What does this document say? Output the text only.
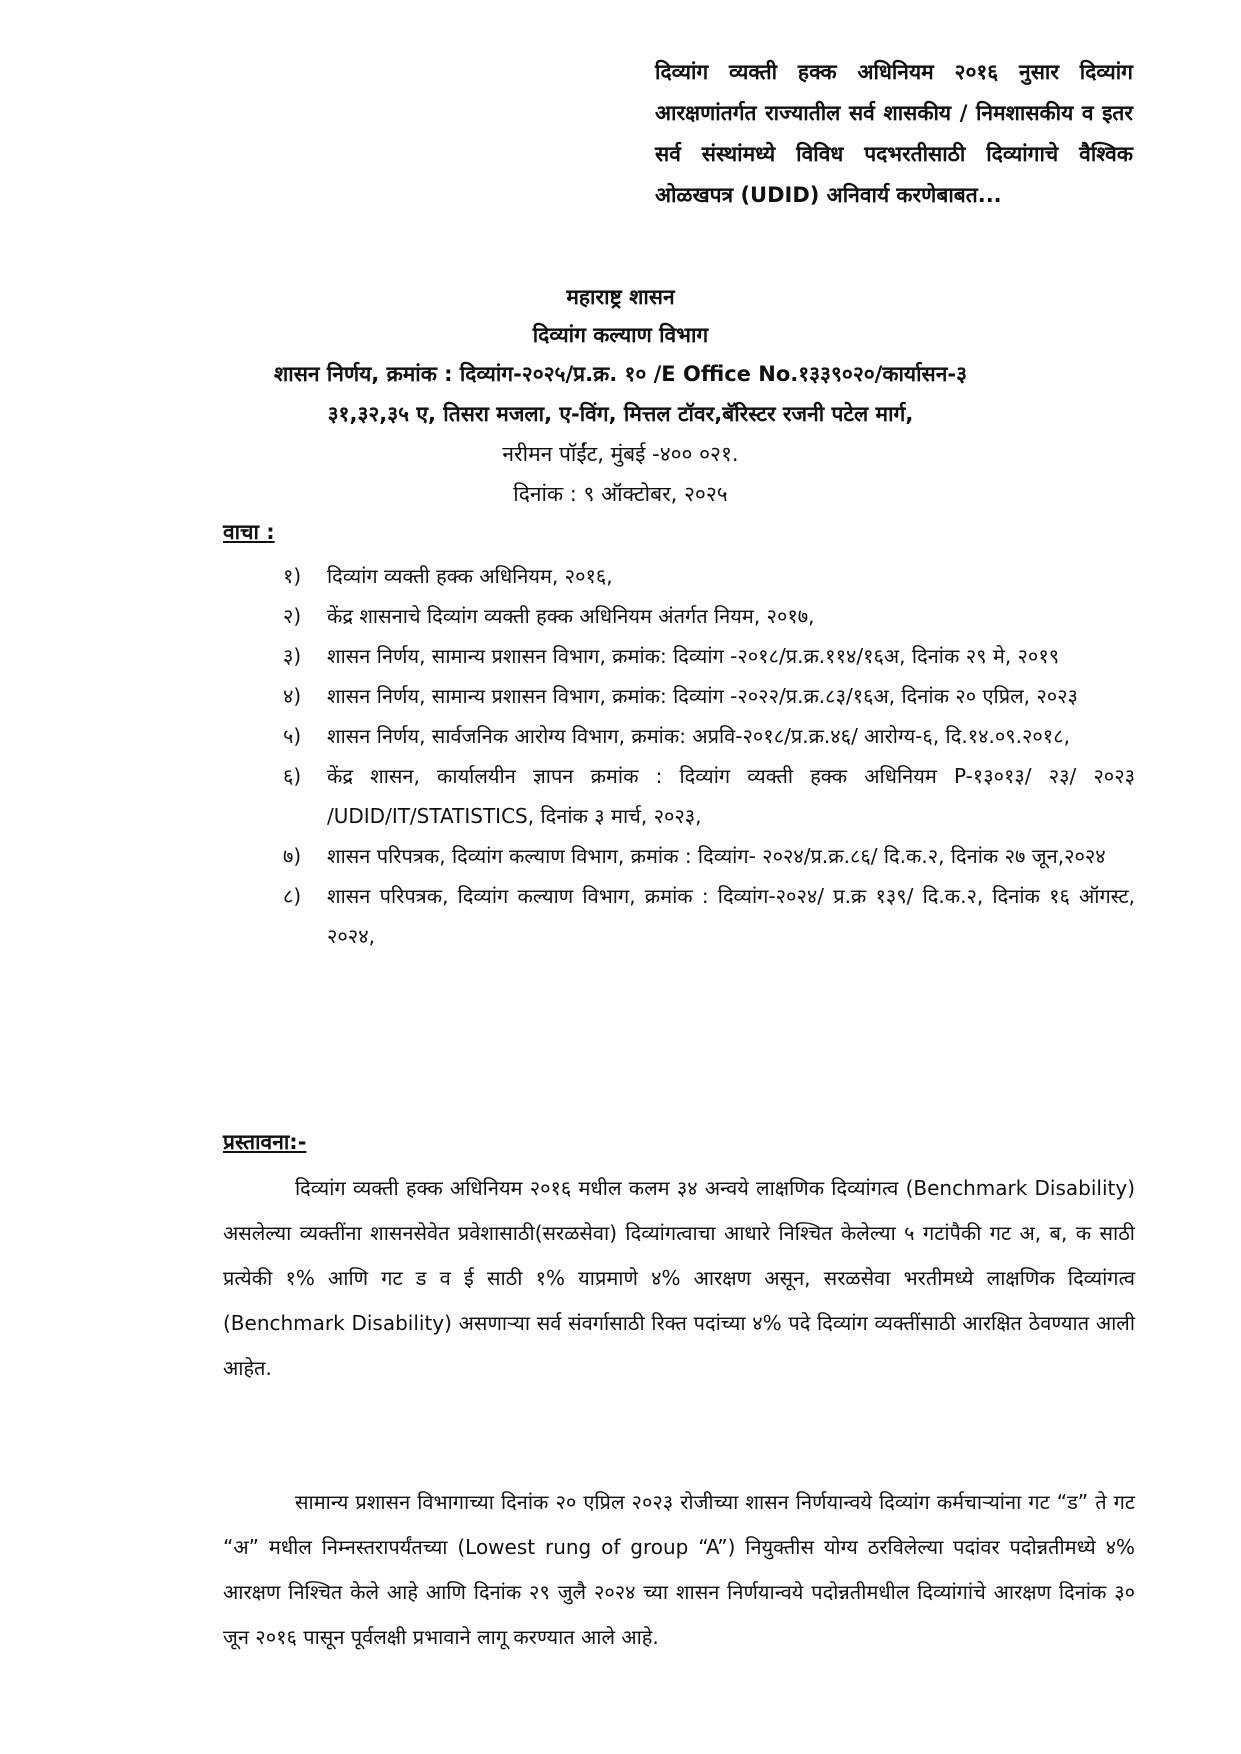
दिव्यांग व्यक्ती हक्क अधिनियम २०१६ नुसार दिव्यांग आरक्षणांतर्गत राज्यातील सर्व शासकीय / निमशासकीय व इतर सर्व संस्थांमध्ये विविध पदभरतीसाठी दिव्यांगाचे वैश्विक ओळखपत्र (UDID) अनिवार्य करणेबाबत...
महाराष्ट्र शासन
दिव्यांग कल्याण विभाग
शासन निर्णय, क्रमांक : दिव्यांग-२०२५/प्र.क्र. १० /E Office No.१३३९०२०/कार्यासन-३
३१,३२,३५ ए, तिसरा मजला, ए-विंग, मित्तल टॉवर,बॅरिस्टर रजनी पटेल मार्ग,
नरीमन पॉईंट, मुंबई -४०० ०२१.
दिनांक : ९ ऑक्टोबर, २०२५
वाचा :
१) दिव्यांग व्यक्ती हक्क अधिनियम, २०१६,
२) केंद्र शासनाचे दिव्यांग व्यक्ती हक्क अधिनियम अंतर्गत नियम, २०१७,
३) शासन निर्णय, सामान्य प्रशासन विभाग, क्रमांक: दिव्यांग -२०१८/प्र.क्र.११४/१६अ, दिनांक २९ मे, २०१९
४) शासन निर्णय, सामान्य प्रशासन विभाग, क्रमांक: दिव्यांग -२०२२/प्र.क्र.८३/१६अ, दिनांक २० एप्रिल, २०२३
५) शासन निर्णय, सार्वजनिक आरोग्य विभाग, क्रमांक: अप्रवि-२०१८/प्र.क्र.४६/ आरोग्य-६, दि.१४.०९.२०१८,
६) केंद्र शासन, कार्यालयीन ज्ञापन क्रमांक : दिव्यांग व्यक्ती हक्क अधिनियम P-१३०१३/ २३/ २०२३ /UDID/IT/STATISTICS, दिनांक ३ मार्च, २०२३,
७) शासन परिपत्रक, दिव्यांग कल्याण विभाग, क्रमांक : दिव्यांग- २०२४/प्र.क्र.८६/ दि.क.२, दिनांक २७ जून,२०२४
८) शासन परिपत्रक, दिव्यांग कल्याण विभाग, क्रमांक : दिव्यांग-२०२४/ प्र.क्र १३९/ दि.क.२, दिनांक १६ ऑगस्ट, २०२४,
प्रस्तावना:-

दिव्यांग व्यक्ती हक्क अधिनियम २०१६ मधील कलम ३४ अन्वये लाक्षणिक दिव्यांगत्व (Benchmark Disability) असलेल्या व्यक्तींना शासनसेवेत प्रवेशासाठी(सरळसेवा) दिव्यांगत्वाचा आधारे निश्चित केलेल्या ५ गटांपैकी गट अ, ब, क साठी प्रत्येकी १% आणि गट ड व ई साठी १% याप्रमाणे ४% आरक्षण असून, सरळसेवा भरतीमध्ये लाक्षणिक दिव्यांगत्व (Benchmark Disability) असणाऱ्या सर्व संवर्गासाठी रिक्त पदांच्या ४% पदे दिव्यांग व्यक्तींसाठी आरक्षित ठेवण्यात आली आहेत.

सामान्य प्रशासन विभागाच्या दिनांक २० एप्रिल २०२३ रोजीच्या शासन निर्णयान्वये दिव्यांग कर्मचाऱ्यांना गट “ड” ते गट “अ” मधील निम्नस्तरापर्यंतच्या (Lowest rung of group “A”) नियुक्तीस योग्य ठरविलेल्या पदांवर पदोन्नतीमध्ये ४% आरक्षण निश्चित केले आहे आणि दिनांक २९ जुलै २०२४ च्या शासन निर्णयान्वये पदोन्नतीमधील दिव्यांगांचे आरक्षण दिनांक ३० जून २०१६ पासून पूर्वलक्षी प्रभावाने लागू करण्यात आले आहे.
